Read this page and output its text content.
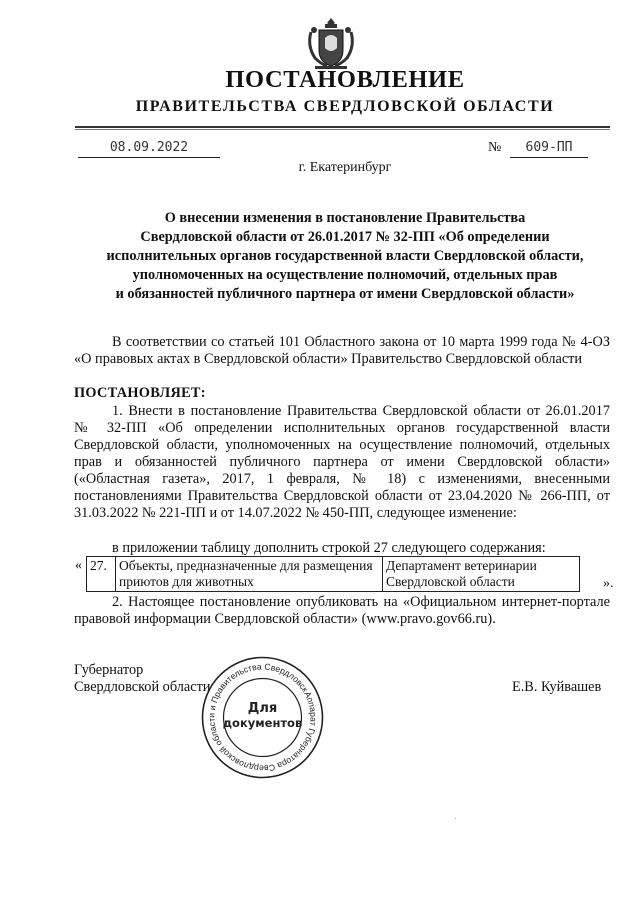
ПОСТАНОВЛЕНИЕ
ПРАВИТЕЛЬСТВА СВЕРДЛОВСКОЙ ОБЛАСТИ
08.09.2022	№	609-ПП
г. Екатеринбург
О внесении изменения в постановление Правительства
Свердловской области от 26.01.2017 № 32-ПП «Об определении
исполнительных органов государственной власти Свердловской области,
уполномоченных на осуществление полномочий, отдельных прав
и обязанностей публичного партнера от имени Свердловской области»
В соответствии со статьей 101 Областного закона от 10 марта 1999 года № 4-ОЗ «О правовых актах в Свердловской области» Правительство Свердловской области
ПОСТАНОВЛЯЕТ:
1. Внести в постановление Правительства Свердловской области от 26.01.2017 № 32-ПП «Об определении исполнительных органов государственной власти Свердловской области, уполномоченных на осуществление полномочий, отдельных прав и обязанностей публичного партнера от имени Свердловской области» («Областная газета», 2017, 1 февраля, № 18) с изменениями, внесенными постановлениями Правительства Свердловской области от 23.04.2020 № 266-ПП, от 31.03.2022 № 221-ПП и от 14.07.2022 № 450-ПП, следующее изменение:
в приложении таблицу дополнить строкой 27 следующего содержания:
« 27.	Объекты, предназначенные для размещения приютов для животных	Департамент ветеринарии Свердловской области	».
2. Настоящее постановление опубликовать на «Официальном интернет-портале правовой информации Свердловской области» (www.pravo.gov66.ru).
Губернатор
Свердловской области	Е.В. Куйвашев
Аппарат Губернатора Свердловской области и Правительства Свердловской
Для
документов
